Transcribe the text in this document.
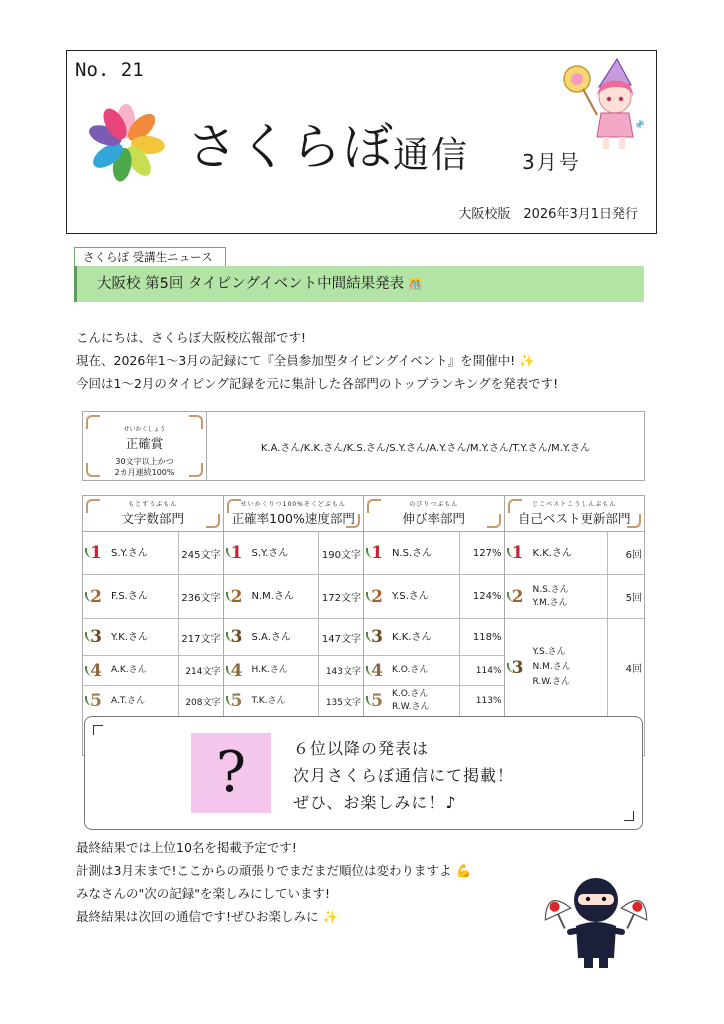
No. 21
さくらぼ
通信	3月号
大阪校版　2026年3月1日発行
さくらぼ 受講生ニュース
大阪校 第5回 タイピングイベント中間結果発表 🎊
こんにちは、さくらぼ大阪校広報部です!
現在、2026年1～3月の記録にて『全員参加型タイピングイベント』を開催中! ✨
今回は1～2月のタイピング記録を元に集計した各部門のトップランキングを発表です!
せいかくしょう
正確賞
30文字以上かつ
2カ月連続100%
K.A.さん/K.K.さん/K.S.さん/S.Y.さん/A.Y.さん/M.Y.さん/T.Y.さん/M.Y.さん
もじすうぶもん
文字数部門
せいかくりつ100%そくどぶもん
正確率100%速度部門
のびりつぶもん
伸び率部門
じこベストこうしんぶもん
自己ベスト更新部門
1 S.Y.さん	245文字
2 F.S.さん	236文字
3 Y.K.さん	217文字
4 A.K.さん	214文字
5 A.T.さん	208文字
1 S.Y.さん	190文字
2 N.M.さん	172文字
3 S.A.さん	147文字
4 H.K.さん	143文字
5 T.K.さん	135文字
1 N.S.さん	127%
2 Y.S.さん	124%
3 K.K.さん	118%
4 K.O.さん	114%
5 K.O.さん
R.W.さん
113%
1 K.K.さん	6回
2 N.S.さん
Y.M.さん	5回
3
Y.S.さん
N.M.さん
R.W.さん
4回
?	６位以降の発表は
次月さくらぼ通信にて掲載！
ぜひ、お楽しみに！♪
最終結果では上位10名を掲載予定です!
計測は3月末まで!ここからの頑張りでまだまだ順位は変わりますよ 💪
みなさんの"次の記録"を楽しみにしています!
最終結果は次回の通信です!ぜひお楽しみに ✨
